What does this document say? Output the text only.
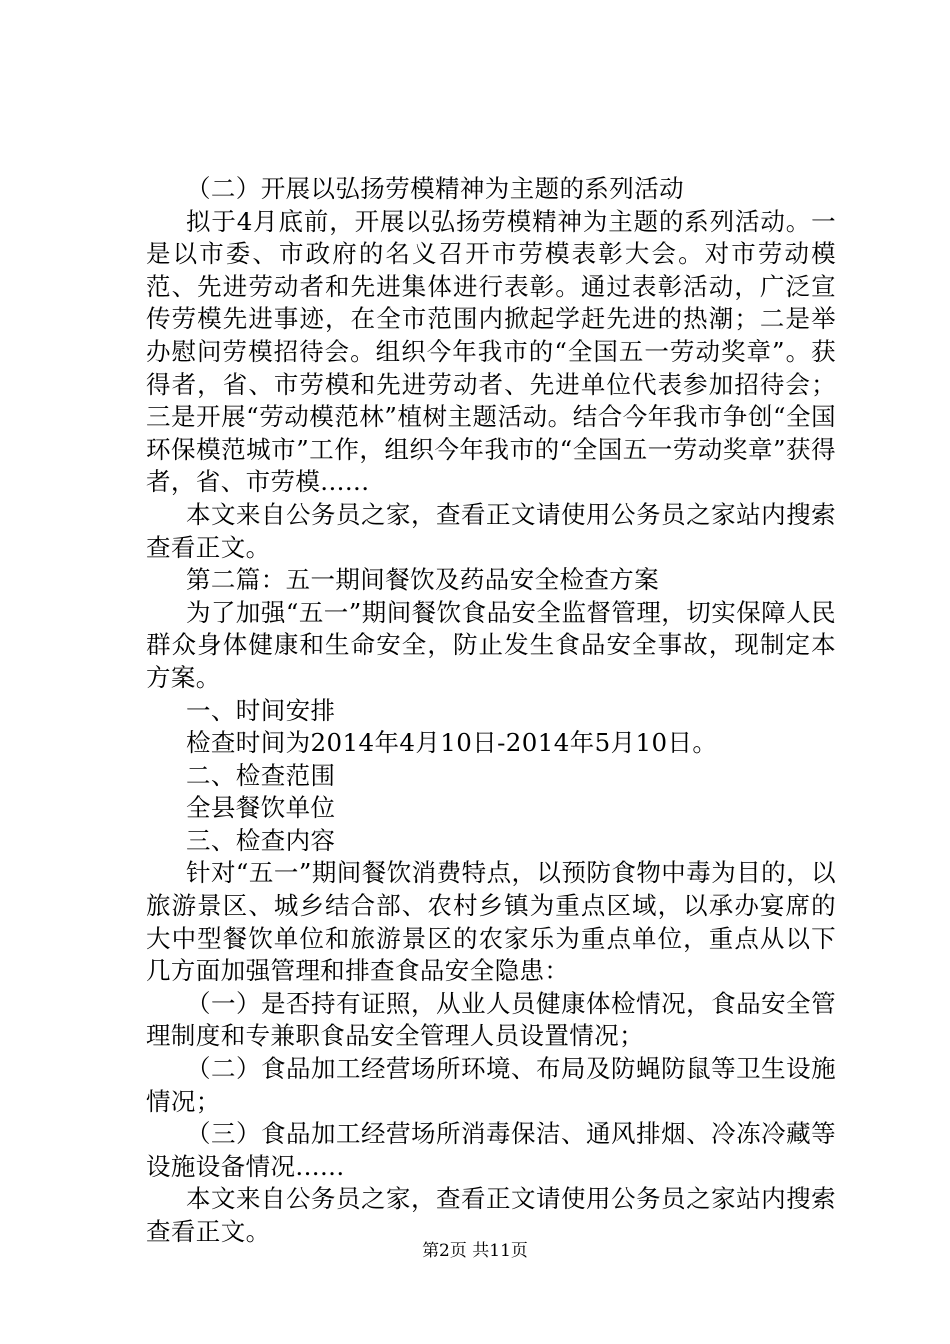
（二）开展以弘扬劳模精神为主题的系列活动

拟于4月底前，开展以弘扬劳模精神为主题的系列活动。一是以市委、市政府的名义召开市劳模表彰大会。对市劳动模范、先进劳动者和先进集体进行表彰。通过表彰活动，广泛宣传劳模先进事迹，在全市范围内掀起学赶先进的热潮；二是举办慰问劳模招待会。组织今年我市的“全国五一劳动奖章”。获得者，省、市劳模和先进劳动者、先进单位代表参加招待会；三是开展“劳动模范林”植树主题活动。结合今年我市争创“全国环保模范城市”工作，组织今年我市的“全国五一劳动奖章”获得者，省、市劳模......

本文来自公务员之家，查看正文请使用公务员之家站内搜索查看正文。

第二篇：五一期间餐饮及药品安全检查方案

为了加强“五一”期间餐饮食品安全监督管理，切实保障人民群众身体健康和生命安全，防止发生食品安全事故，现制定本方案。

一、时间安排

检查时间为2014年4月10日-2014年5月10日。

二、检查范围

全县餐饮单位

三、检查内容

针对“五一”期间餐饮消费特点，以预防食物中毒为目的，以旅游景区、城乡结合部、农村乡镇为重点区域，以承办宴席的大中型餐饮单位和旅游景区的农家乐为重点单位，重点从以下几方面加强管理和排查食品安全隐患：

（一）是否持有证照，从业人员健康体检情况，食品安全管理制度和专兼职食品安全管理人员设置情况；

（二）食品加工经营场所环境、布局及防蝇防鼠等卫生设施情况；

（三）食品加工经营场所消毒保洁、通风排烟、冷冻冷藏等设施设备情况......

本文来自公务员之家，查看正文请使用公务员之家站内搜索查看正文。

第2页 共11页
